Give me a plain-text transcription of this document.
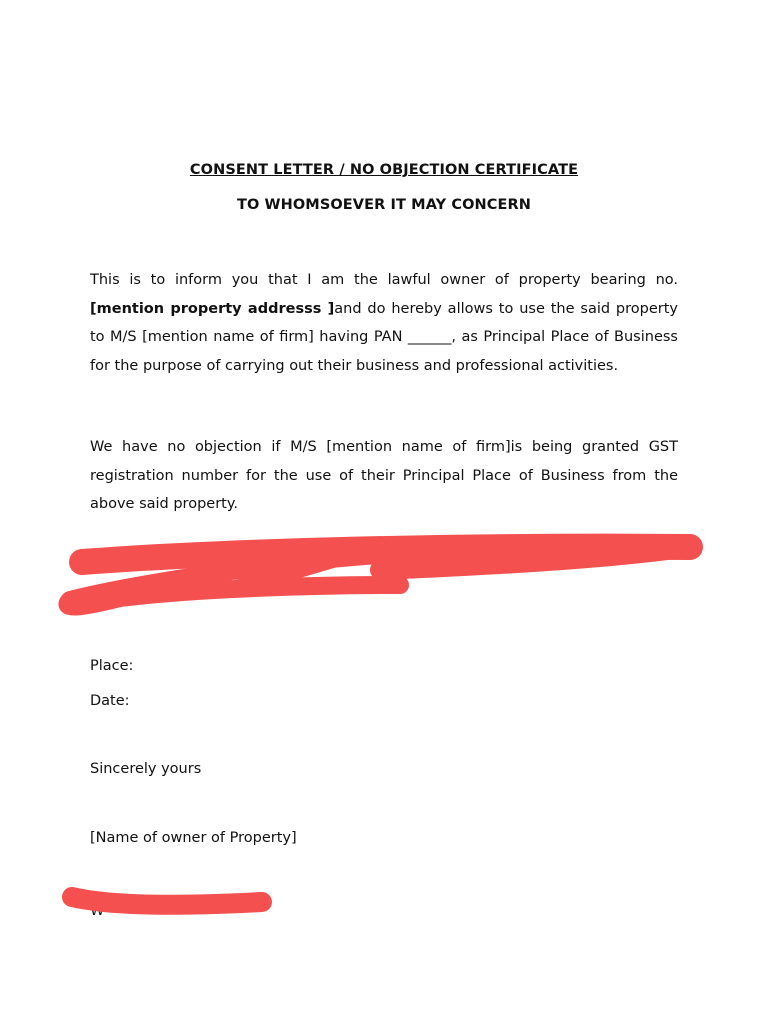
CONSENT LETTER / NO OBJECTION CERTIFICATE
TO WHOMSOEVER IT MAY CONCERN

This is to inform you that I am the lawful owner of property bearing no. [mention property addresss ]and do hereby allows to use the said property to M/S [mention name of firm] having PAN ______, as Principal Place of Business for the purpose of carrying out their business and professional activities.

We have no objection if M/S [mention name of firm]is being granted GST registration number for the use of their Principal Place of Business from the above said property.

IN WIT	of owner of property,
W

Place:

Date:

Sincerely yours

[Name of owner of Property]
